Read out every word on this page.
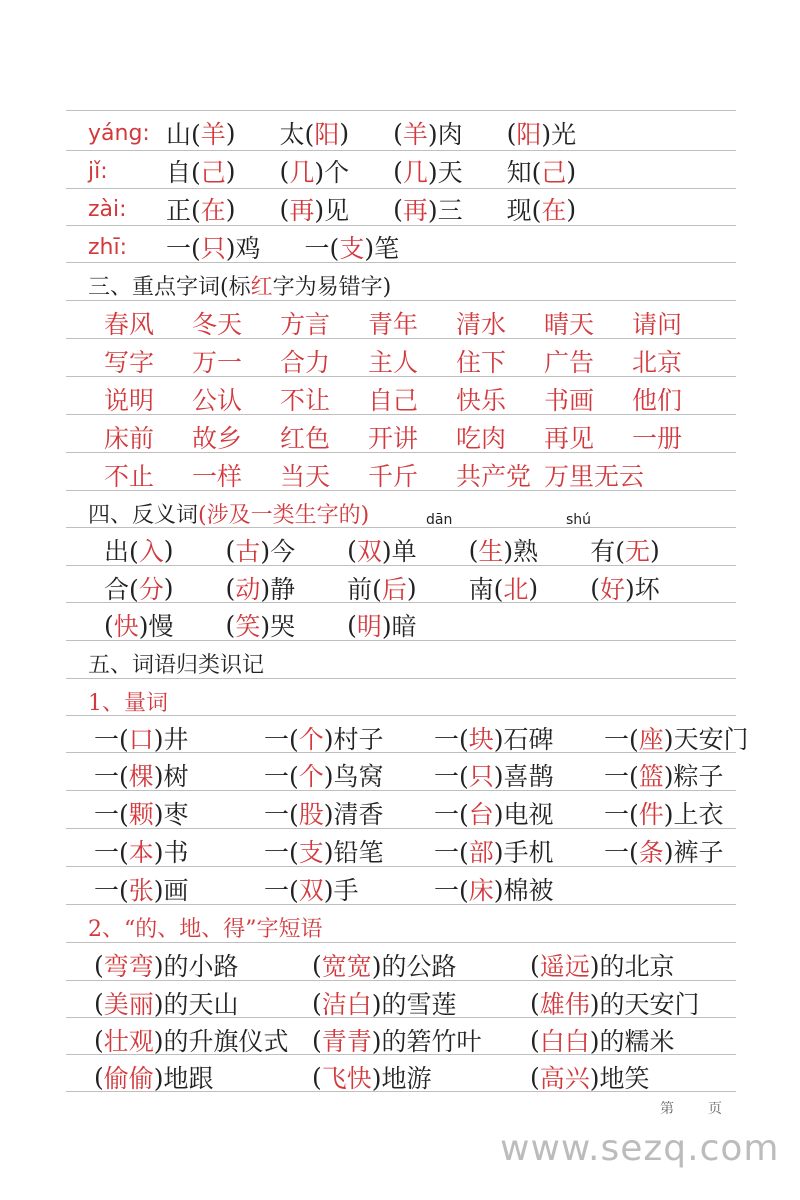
yáng: 山( 羊 ) 太( 阳 ) ( 羊 )肉 ( 阳 )光
jǐ:	自( 己 ) ( 几 )个 ( 几 )天 知( 己 )
zài:	正( 在 ) ( 再 )见 ( 再 )三 现( 在 )
zhī:	一( 只 )鸡 一( 支 )笔
三、重点字词(标 红 字为易错字)
春风	冬天	方言	青年	清水	晴天	请问
写字	万一	合力	主人	住下	广告	北京
说明	公认	不让	自己	快乐	书画	他们
床前	故乡	红色	开讲	吃肉	再见	一册
不止	一样	当天	千斤	共产党 万里无云
四、反义词 (涉及一类生字的)
出( 入 ) ( 古 )今 ( 双 )单 ( 生 )熟 有( 无 )
合( 分 ) ( 动 )静 前( 后 ) 南( 北 ) ( 好 )坏
( 快 )慢 ( 笑 )哭 ( 明 )暗
五、词语归类识记
1、量词
一( 口 )井	一( 个 )村子 一( 块 )石碑 一( 座 )天安门
一( 棵 )树	一( 个 )鸟窝 一( 只 )喜鹊 一( 篮 )粽子
一( 颗 )枣	一( 股 )清香 一( 台 )电视 一( 件 )上衣
一( 本 )书	一( 支 )铅笔 一( 部 )手机 一( 条 )裤子
一( 张 )画	一( 双 )手	一( 床 )棉被
2、“的、地、得”字短语
( 弯弯 )的小路	( 宽宽 )的公路	( 遥远 )的北京
( 美丽 )的天山	( 洁白 )的雪莲	( 雄伟 )的天安门
( 壮观 )的升旗仪式 ( 青青 )的箬竹叶 ( 白白 )的糯米
( 偷偷 )地跟	( 飞快 )地游	( 高兴 )地笑
dān	shú
第　　页
www.sezq.com
